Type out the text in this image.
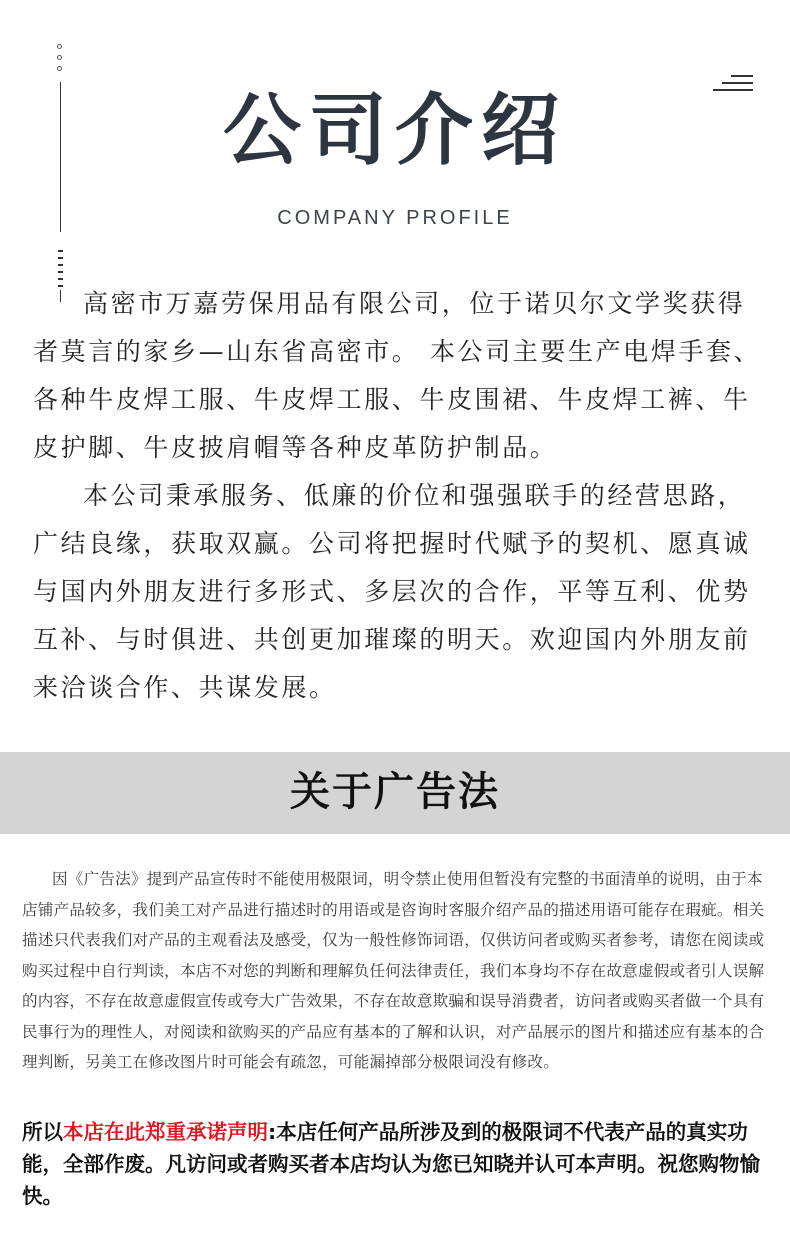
公司介绍
COMPANY PROFILE

高密市万嘉劳保用品有限公司，位于诺贝尔文学奖获得者莫言的家乡—山东省高密市。 本公司主要生产电焊手套、各种牛皮焊工服、牛皮焊工服、牛皮围裙、牛皮焊工裤、牛皮护脚、牛皮披肩帽等各种皮革防护制品。

本公司秉承服务、低廉的价位和强强联手的经营思路，广结良缘，获取双赢。公司将把握时代赋予的契机、愿真诚与国内外朋友进行多形式、多层次的合作，平等互利、优势互补、与时俱进、共创更加璀璨的明天。欢迎国内外朋友前来洽谈合作、共谋发展。

关于广告法

因《广告法》提到产品宣传时不能使用极限词，明令禁止使用但暂没有完整的书面清单的说明，由于本店铺产品较多，我们美工对产品进行描述时的用语或是咨询时客服介绍产品的描述用语可能存在瑕疵。相关描述只代表我们对产品的主观看法及感受，仅为一般性修饰词语，仅供访问者或购买者参考，请您在阅读或购买过程中自行判读，本店不对您的判断和理解负任何法律责任，我们本身均不存在故意虚假或者引人误解的内容，不存在故意虚假宣传或夸大广告效果，不存在故意欺骗和误导消费者，访问者或购买者做一个具有民事行为的理性人，对阅读和欲购买的产品应有基本的了解和认识，对产品展示的图片和描述应有基本的合理判断，另美工在修改图片时可能会有疏忽，可能漏掉部分极限词没有修改。

所以本店在此郑重承诺声明:本店任何产品所涉及到的极限词不代表产品的真实功能，全部作废。凡访问或者购买者本店均认为您已知晓并认可本声明。祝您购物愉快。
